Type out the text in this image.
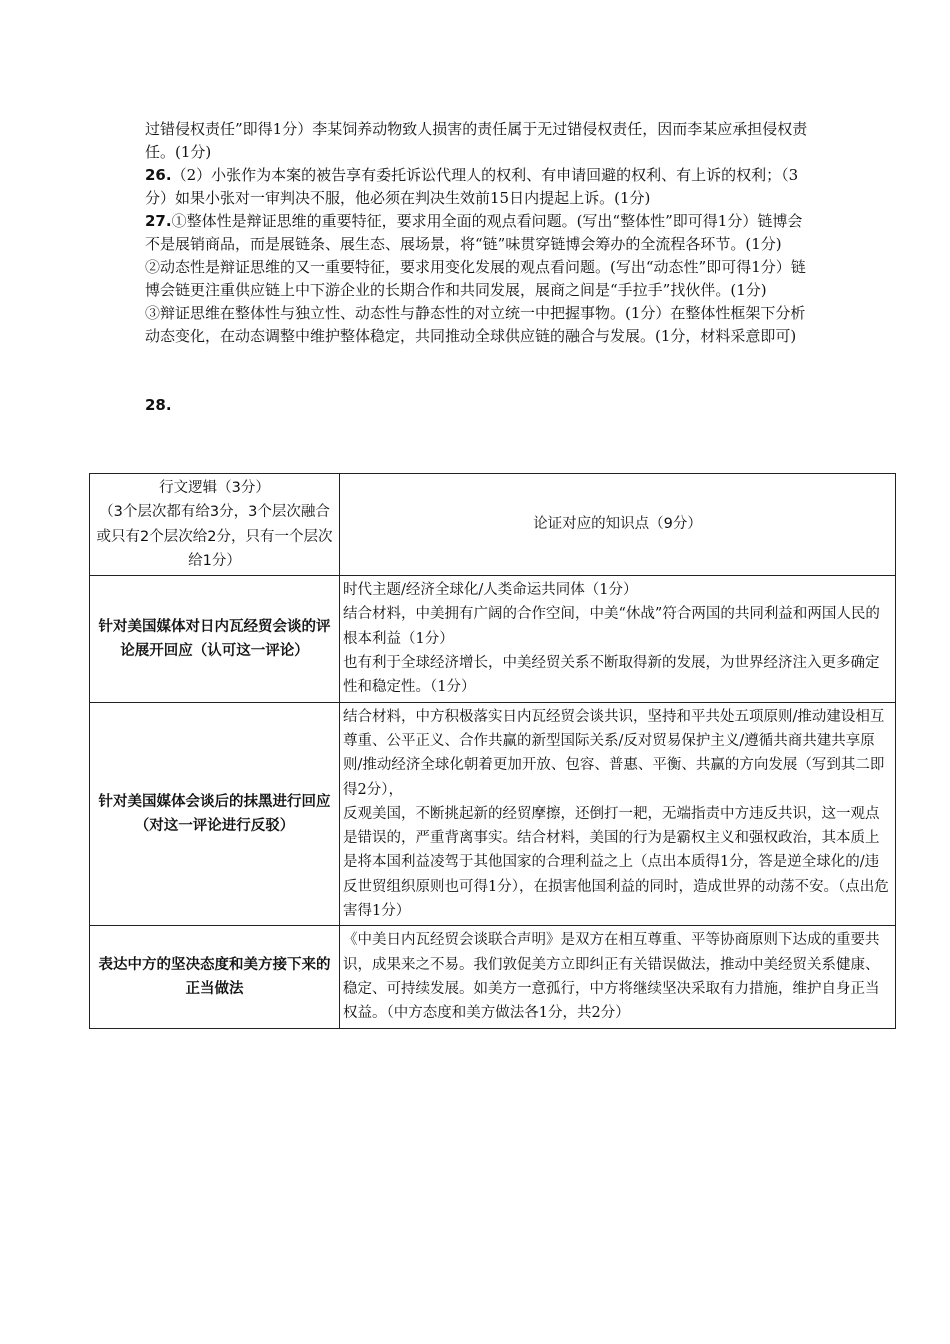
过错侵权责任”即得1分）李某饲养动物致人损害的责任属于无过错侵权责任，因而李某应承担侵权责任。(1分)

26.（2）小张作为本案的被告享有委托诉讼代理人的权利、有申请回避的权利、有上诉的权利；（3分）如果小张对一审判决不服，他必须在判决生效前15日内提起上诉。(1分)

27.①整体性是辩证思维的重要特征，要求用全面的观点看问题。(写出“整体性”即可得1分）链博会不是展销商品，而是展链条、展生态、展场景，将“链”味贯穿链博会筹办的全流程各环节。(1分)

②动态性是辩证思维的又一重要特征，要求用变化发展的观点看问题。(写出“动态性”即可得1分）链博会链更注重供应链上中下游企业的长期合作和共同发展，展商之间是“手拉手”找伙伴。(1分)

③辩证思维在整体性与独立性、动态性与静态性的对立统一中把握事物。(1分）在整体性框架下分析动态变化，在动态调整中维护整体稳定，共同推动全球供应链的融合与发展。(1分，材料采意即可)

28.

行文逻辑（3分）
（3个层次都有给3分，3个层次融合或只有2个层次给2分，只有一个层次给1分）	论证对应的知识点（9分）
针对美国媒体对日内瓦经贸会谈的评论展开回应（认可这一评论）	时代主题/经济全球化/人类命运共同体（1分）
结合材料，中美拥有广阔的合作空间，中美“休战”符合两国的共同利益和两国人民的根本利益（1分）
也有利于全球经济增长，中美经贸关系不断取得新的发展，为世界经济注入更多确定性和稳定性。（1分）

针对美国媒体会谈后的抹黑进行回应（对这一评论进行反驳）	结合材料，中方积极落实日内瓦经贸会谈共识，坚持和平共处五项原则/推动建设相互尊重、公平正义、合作共赢的新型国际关系/反对贸易保护主义/遵循共商共建共享原则/推动经济全球化朝着更加开放、包容、普惠、平衡、共赢的方向发展（写到其二即得2分），
反观美国，不断挑起新的经贸摩擦，还倒打一耙，无端指责中方违反共识，这一观点是错误的，严重背离事实。结合材料，美国的行为是霸权主义和强权政治，其本质上是将本国利益凌驾于其他国家的合理利益之上（点出本质得1分，答是逆全球化的/违反世贸组织原则也可得1分），在损害他国利益的同时，造成世界的动荡不安。（点出危害得1分）

表达中方的坚决态度和美方接下来的正当做法	《中美日内瓦经贸会谈联合声明》是双方在相互尊重、平等协商原则下达成的重要共识，成果来之不易。我们敦促美方立即纠正有关错误做法，推动中美经贸关系健康、稳定、可持续发展。如美方一意孤行，中方将继续坚决采取有力措施，维护自身正当权益。（中方态度和美方做法各1分，共2分）
